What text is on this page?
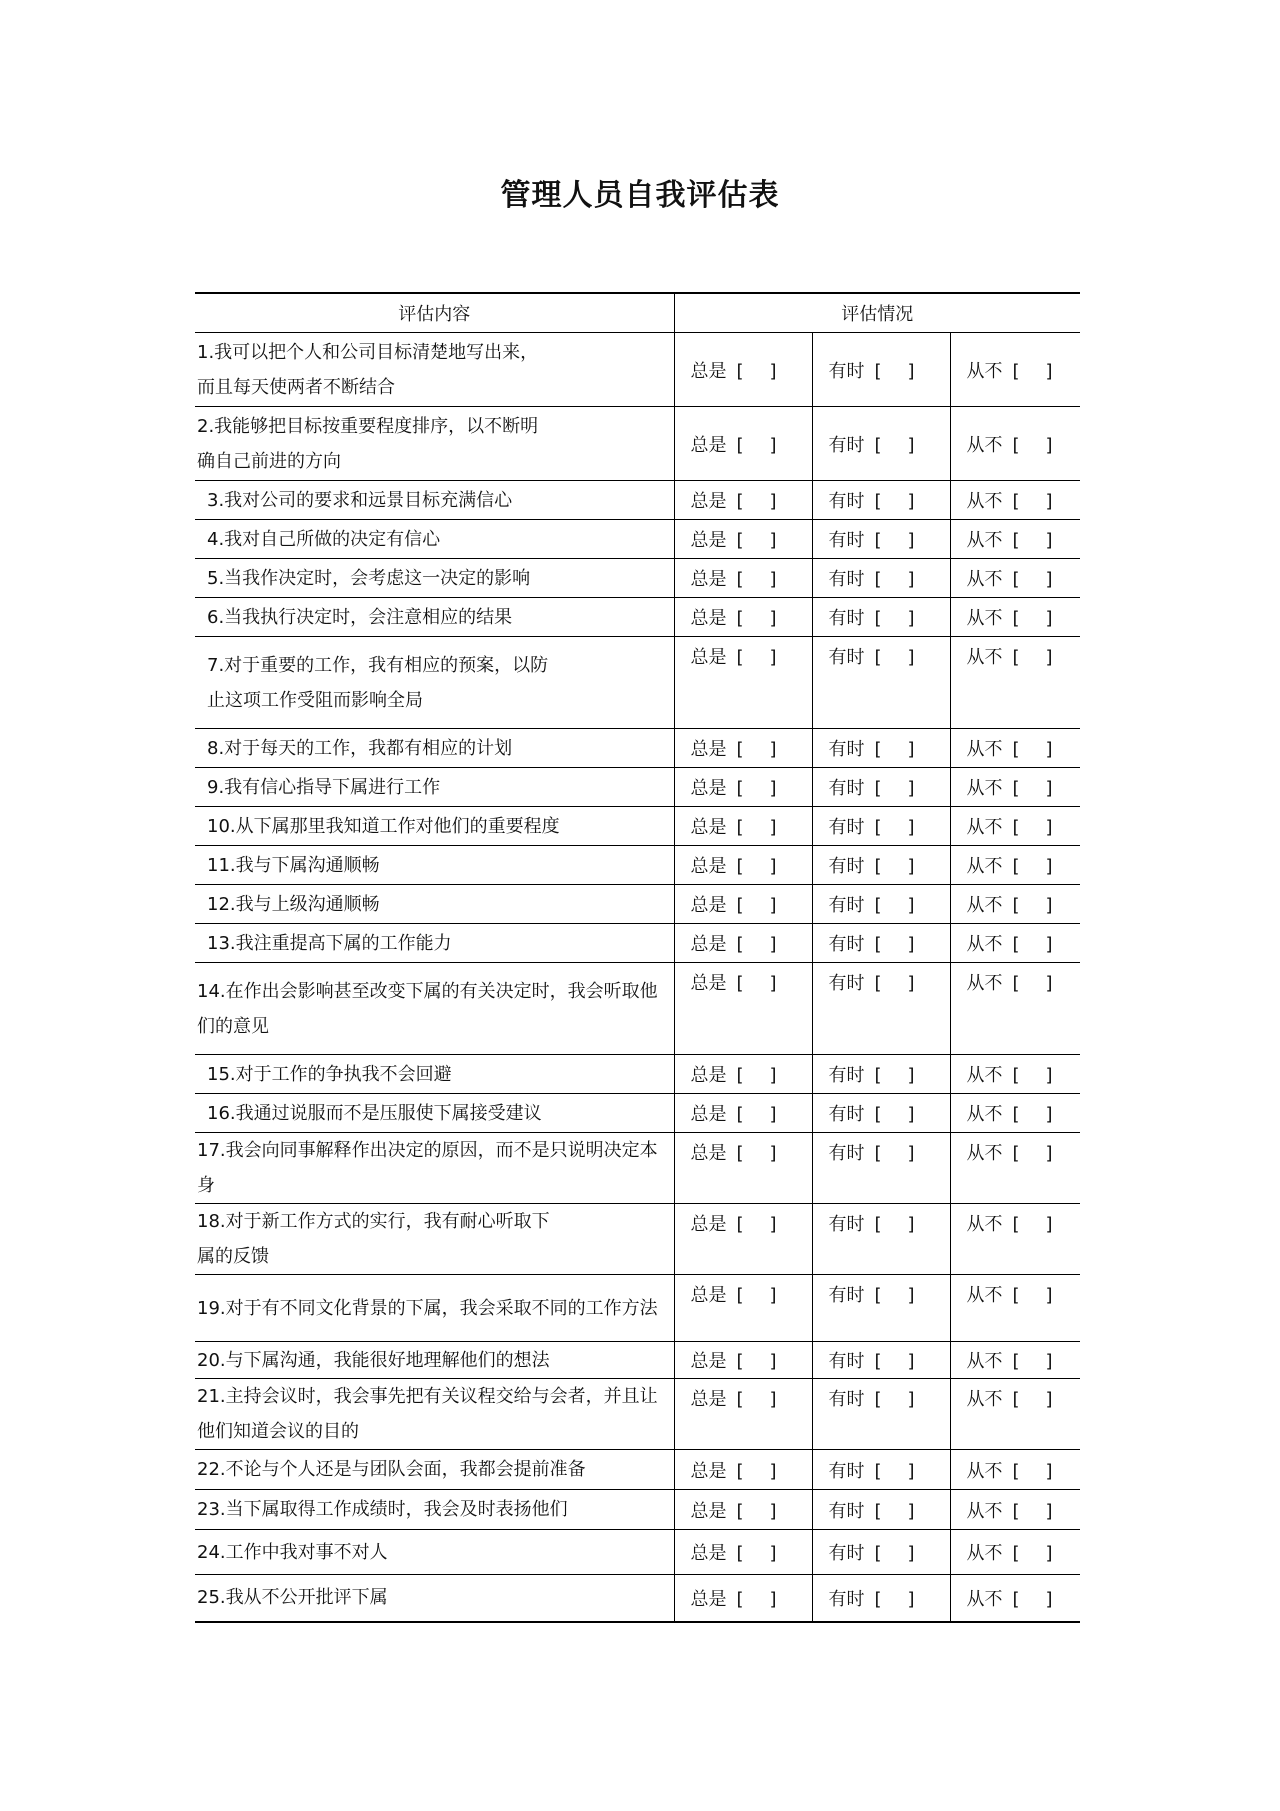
管理人员自我评估表
评估内容	评估情况		

1.我可以把个人和公司目标清楚地写出来，
而且每天使两者不断结合	总是 [ ]	有时 [ ]	从不 [ ]

2.我能够把目标按重要程度排序，以不断明
确自己前进的方向	总是 [ ]	有时 [ ]	从不 [ ]

3.我对公司的要求和远景目标充满信心	总是 [ ]	有时 [ ]	从不 [ ]

4.我对自己所做的决定有信心	总是 [ ]	有时 [ ]	从不 [ ]

5.当我作决定时，会考虑这一决定的影响	总是 [ ]	有时 [ ]	从不 [ ]

6.当我执行决定时，会注意相应的结果	总是 [ ]	有时 [ ]	从不 [ ]

7.对于重要的工作，我有相应的预案，以防
止这项工作受阻而影响全局	总是 [ ]	有时 [ ]	从不 [ ]

8.对于每天的工作，我都有相应的计划	总是 [ ]	有时 [ ]	从不 [ ]

9.我有信心指导下属进行工作	总是 [ ]	有时 [ ]	从不 [ ]

10.从下属那里我知道工作对他们的重要程度	总是 [ ]	有时 [ ]	从不 [ ]

11.我与下属沟通顺畅	总是 [ ]	有时 [ ]	从不 [ ]

12.我与上级沟通顺畅	总是 [ ]	有时 [ ]	从不 [ ]

13.我注重提高下属的工作能力	总是 [ ]	有时 [ ]	从不 [ ]

14.在作出会影响甚至改变下属的有关决定时，我会听取他
们的意见	总是 [ ]	有时 [ ]	从不 [ ]

15.对于工作的争执我不会回避	总是 [ ]	有时 [ ]	从不 [ ]

16.我通过说服而不是压服使下属接受建议	总是 [ ]	有时 [ ]	从不 [ ]

17.我会向同事解释作出决定的原因，而不是只说明决定本
身	总是 [ ]	有时 [ ]	从不 [ ]

18.对于新工作方式的实行，我有耐心听取下
属的反馈	总是 [ ]	有时 [ ]	从不 [ ]

19.对于有不同文化背景的下属，我会采取不同的工作方法	总是 [ ]	有时 [ ]	从不 [ ]

20.与下属沟通，我能很好地理解他们的想法	总是 [ ]	有时 [ ]	从不 [ ]

21.主持会议时，我会事先把有关议程交给与会者，并且让
他们知道会议的目的	总是 [ ]	有时 [ ]	从不 [ ]

22.不论与个人还是与团队会面，我都会提前准备	总是 [ ]	有时 [ ]	从不 [ ]

23.当下属取得工作成绩时，我会及时表扬他们	总是 [ ]	有时 [ ]	从不 [ ]

24.工作中我对事不对人	总是 [ ]	有时 [ ]	从不 [ ]

25.我从不公开批评下属	总是 [ ]	有时 [ ]	从不 [ ]
